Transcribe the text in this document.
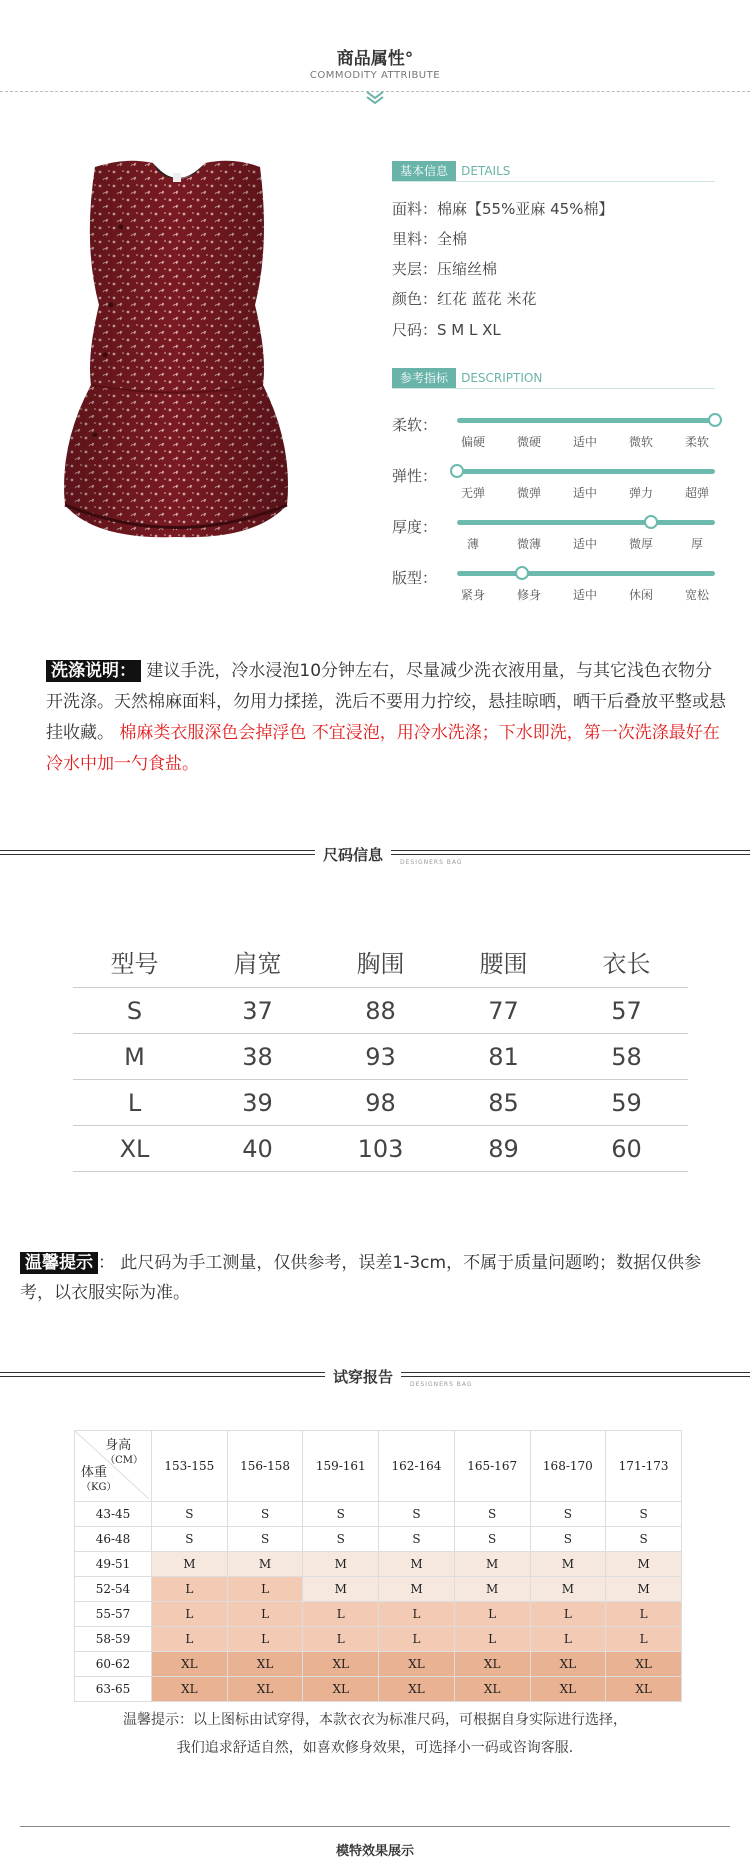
商品属性°
COMMODITY ATTRIBUTE
基本信息 DETAILS
面料：棉麻【55%亚麻 45%棉】
里料：全棉
夹层：压缩丝棉
颜色：红花 蓝花 米花
尺码：S M L XL
参考指标 DESCRIPTION
柔软：
偏硬	微硬	适中	微软	柔软
弹性：
无弹	微弹	适中	弹力	超弹
厚度：
薄	微薄	适中	微厚	厚
版型：
紧身	修身	适中	休闲	宽松
洗涤说明： 建议手洗，冷水浸泡10分钟左右，尽量减少洗衣液用量，与其它浅色衣物分开洗涤。天然棉麻面料，勿用力揉搓，洗后不要用力拧绞，悬挂晾晒，晒干后叠放平整或悬挂收藏。 棉麻类衣服深色会掉浮色 不宜浸泡，用冷水洗涤；下水即洗，第一次洗涤最好在冷水中加一勺食盐。
尺码信息	DESIGNERS BAG
型号	肩宽	胸围	腰围	衣长
S	37	88	77	57
M	38	93	81	58
L	39	98	85	59
XL	40	103	89	60
温馨提示 ： 此尺码为手工测量，仅供参考，误差1-3cm，不属于质量问题哟；数据仅供参考，以衣服实际为准。
试穿报告	DESIGNERS BAG
身高
（CM）
体重
（KG）	153-155	156-158	159-161	162-164	165-167	168-170	171-173
43-45	S	S	S	S	S	S	S
46-48	S	S	S	S	S	S	S
49-51	M	M	M	M	M	M	M
52-54	L	L	M	M	M	M	M
55-57	L	L	L	L	L	L	L
58-59	L	L	L	L	L	L	L
60-62	XL	XL	XL	XL	XL	XL	XL
63-65	XL	XL	XL	XL	XL	XL	XL
温馨提示：以上图标由试穿得，本款衣衣为标准尺码，可根据自身实际进行选择，
我们追求舒适自然，如喜欢修身效果，可选择小一码或咨询客服.
模特效果展示
